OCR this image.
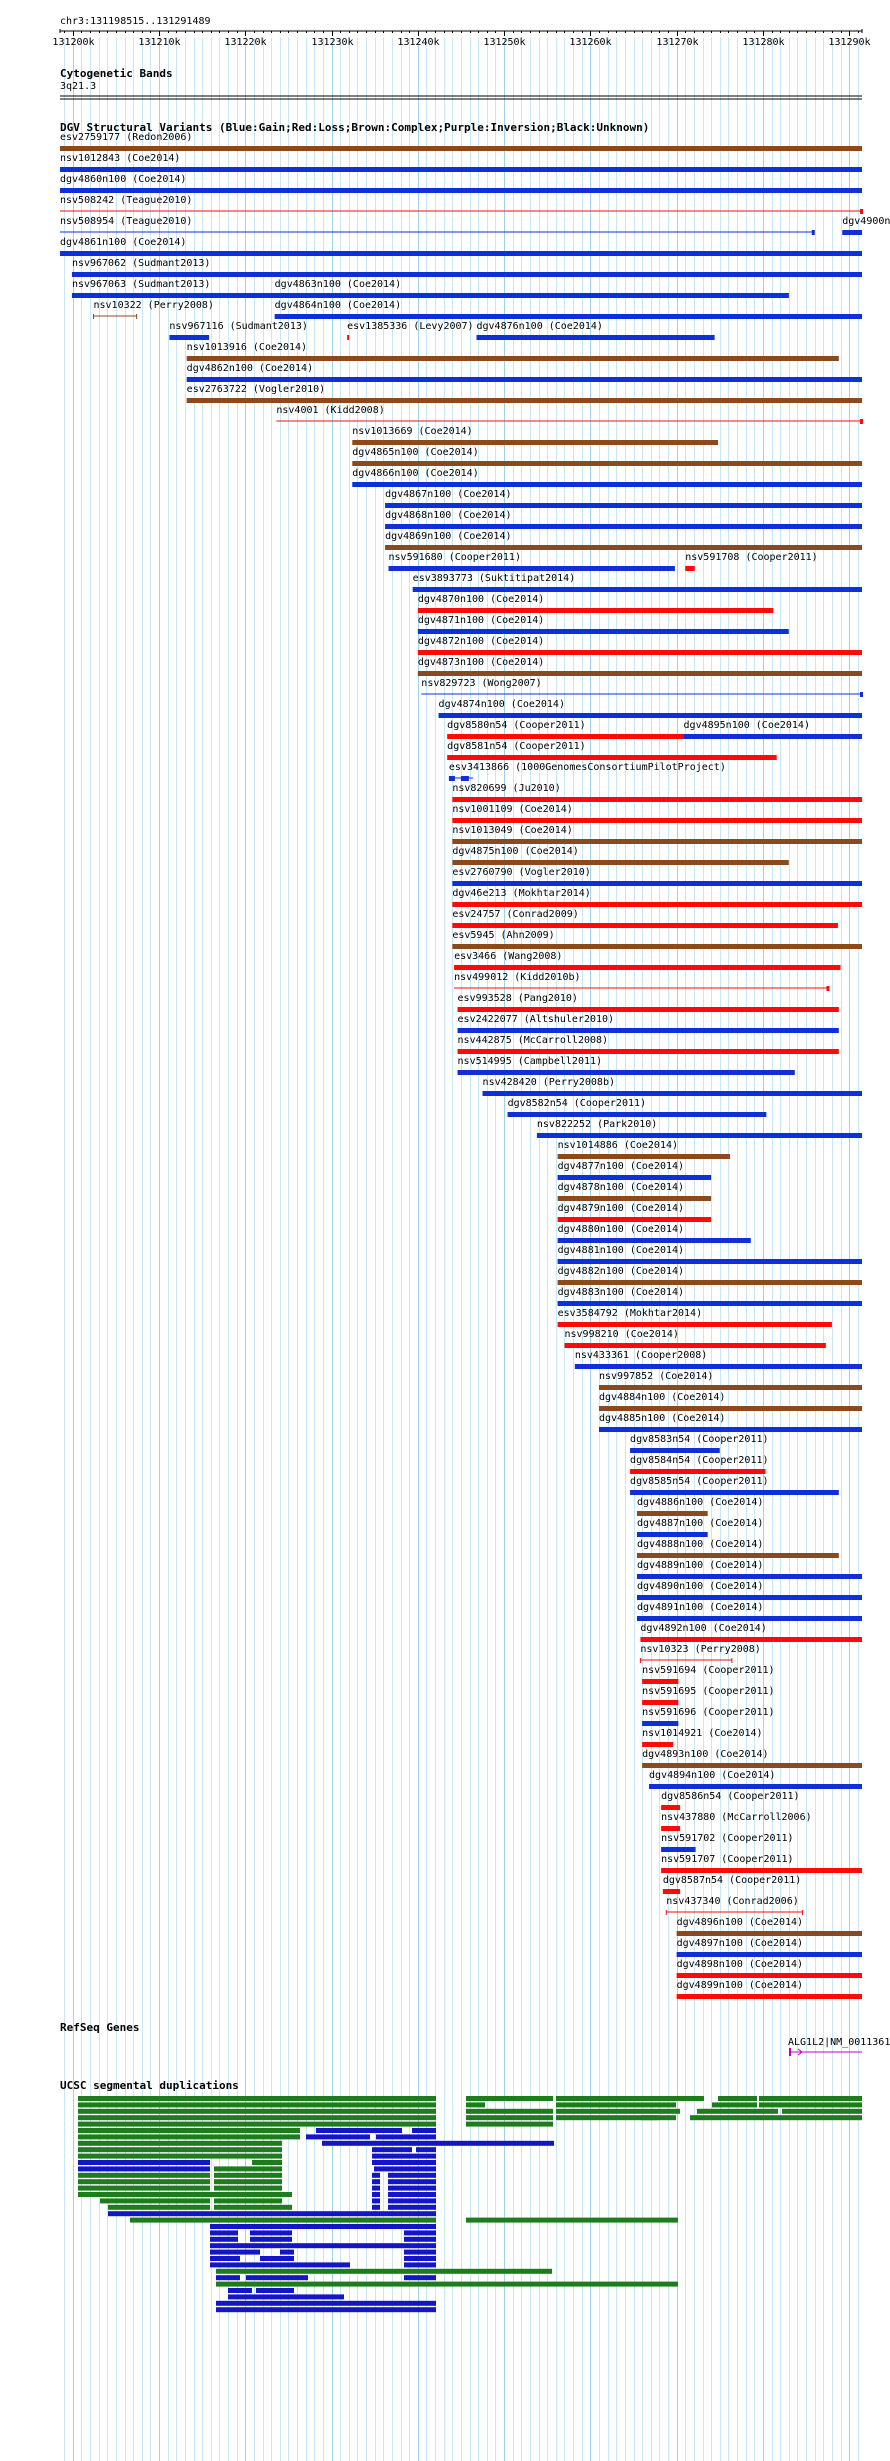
chr3:131198515..131291489
131200k	131210k	131220k	131230k	131240k	131250k	131260k	131270k	131280k	131290k
Cytogenetic Bands
3q21.3
DGV Structural Variants (Blue:Gain;Red:Loss;Brown:Complex;Purple:Inversion;Black:Unknown)
esv2759177 (Redon2006)
nsv1012843 (Coe2014)
dgv4860n100 (Coe2014)
nsv508242 (Teague2010)
nsv508954 (Teague2010)
dgv4861n100 (Coe2014)
nsv967062 (Sudmant2013)
nsv967063 (Sudmant2013)
nsv10322 (Perry2008)
nsv967116 (Sudmant2013)
nsv1013916 (Coe2014)
dgv4862n100 (Coe2014)
esv2763722 (Vogler2010)
nsv4001 (Kidd2008)
nsv1013669 (Coe2014)
dgv4865n100 (Coe2014)
dgv4866n100 (Coe2014)
dgv4867n100 (Coe2014)
dgv4868n100 (Coe2014)
dgv4869n100 (Coe2014)
nsv591680 (Cooper2011)
esv3893773 (Suktitipat2014)
dgv4870n100 (Coe2014)
dgv4871n100 (Coe2014)
dgv4872n100 (Coe2014)
dgv4873n100 (Coe2014)
nsv829723 (Wong2007)
dgv4874n100 (Coe2014)
dgv8580n54 (Cooper2011)
dgv8581n54 (Cooper2011)
esv3413866 (1000GenomesConsortiumPilotProject)
nsv820699 (Ju2010)
nsv1001109 (Coe2014)
nsv1013049 (Coe2014)
dgv4875n100 (Coe2014)
esv2760790 (Vogler2010)
dgv46e213 (Mokhtar2014)
esv24757 (Conrad2009)
esv5945 (Ahn2009)
esv3466 (Wang2008)
nsv499012 (Kidd2010b)
esv993528 (Pang2010)
esv2422077 (Altshuler2010)
nsv442875 (McCarroll2008)
nsv514995 (Campbell2011)
nsv428420 (Perry2008b)
dgv8582n54 (Cooper2011)
nsv822252 (Park2010)
nsv1014886 (Coe2014)
dgv4877n100 (Coe2014)
dgv4878n100 (Coe2014)
dgv4879n100 (Coe2014)
dgv4880n100 (Coe2014)
dgv4881n100 (Coe2014)
dgv4882n100 (Coe2014)
dgv4883n100 (Coe2014)
esv3584792 (Mokhtar2014)
nsv998210 (Coe2014)
nsv433361 (Cooper2008)
nsv997852 (Coe2014)
dgv4884n100 (Coe2014)
dgv4885n100 (Coe2014)
dgv8583n54 (Cooper2011)
dgv8584n54 (Cooper2011)
dgv8585n54 (Cooper2011)
dgv4886n100 (Coe2014)
dgv4887n100 (Coe2014)
dgv4888n100 (Coe2014)
dgv4889n100 (Coe2014)
dgv4890n100 (Coe2014)
dgv4891n100 (Coe2014)
dgv4892n100 (Coe2014)
nsv10323 (Perry2008)
nsv591694 (Cooper2011)
nsv591695 (Cooper2011)
nsv591696 (Cooper2011)
nsv1014921 (Coe2014)
dgv4893n100 (Coe2014)
dgv4894n100 (Coe2014)
dgv8586n54 (Cooper2011)
nsv437880 (McCarroll2006)
nsv591702 (Cooper2011)
nsv591707 (Cooper2011)
dgv8587n54 (Cooper2011)
nsv437340 (Conrad2006)
dgv4896n100 (Coe2014)
dgv4897n100 (Coe2014)
dgv4898n100 (Coe2014)
dgv4899n100 (Coe2014)
dgv4900n
esv1385336 (Levy2007) dgv4876n100 (Coe2014)
dgv4863n100 (Coe2014)
dgv4864n100 (Coe2014)
nsv591708 (Cooper2011)
dgv4895n100 (Coe2014)
RefSeq Genes
ALG1L2|NM_0011361
UCSC segmental duplications
